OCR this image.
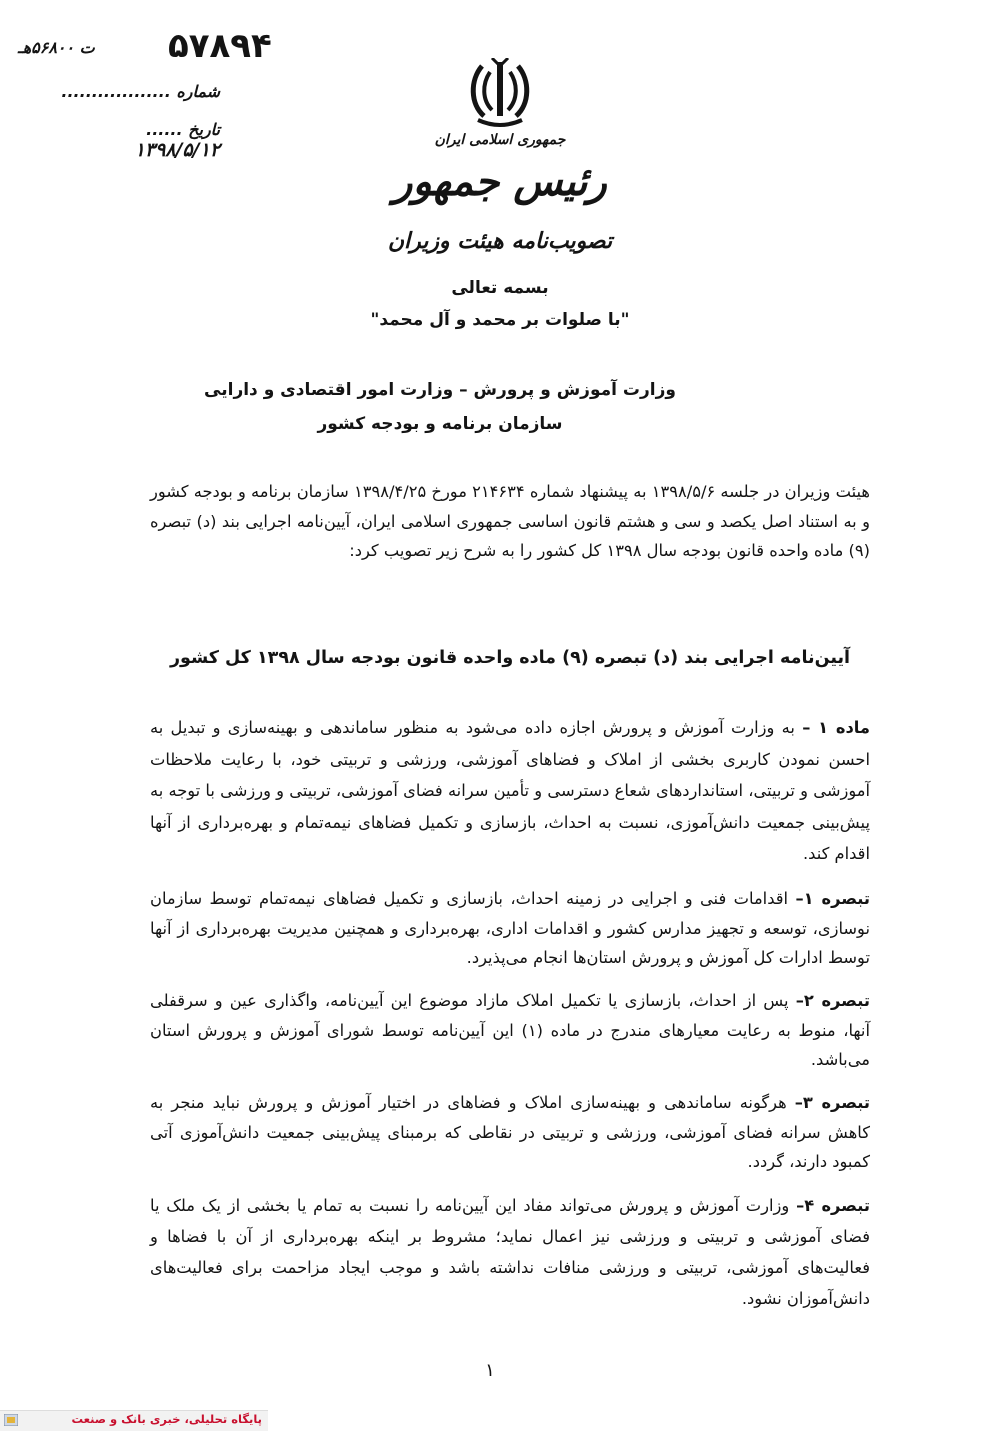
۵۷۸۹۴
ت ۵۶۸۰۰هـ
شماره ..................
تاریخ ...... ۱۳۹۸/۵/۱۲	جمهوری اسلامی ایران
رئیس جمهور
تصویب‌نامه هیئت وزیران
بسمه تعالی
"با صلوات بر محمد و آل محمد"
وزارت آموزش و پرورش – وزارت امور اقتصادی و دارایی
سازمان برنامه و بودجه کشور
هیئت وزیران در جلسه ۱۳۹۸/۵/۶ به پیشنهاد شماره ۲۱۴۶۳۴ مورخ ۱۳۹۸/۴/۲۵ سازمان برنامه و بودجه کشور و به استناد اصل یکصد و سی و هشتم قانون اساسی جمهوری اسلامی ایران، آیین‌نامه اجرایی بند (د) تبصره (۹) ماده واحده قانون بودجه سال ۱۳۹۸ کل کشور را به شرح زیر تصویب کرد:
آیین‌نامه اجرایی بند (د) تبصره (۹) ماده واحده قانون بودجه سال ۱۳۹۸ کل کشور
ماده ۱ – به وزارت آموزش و پرورش اجازه داده می‌شود به منظور ساماندهی و بهینه‌سازی و تبدیل به احسن نمودن کاربری بخشی از املاک و فضاهای آموزشی، ورزشی و تربیتی خود، با رعایت ملاحظات آموزشی و تربیتی، استانداردهای شعاع دسترسی و تأمین سرانه فضای آموزشی، تربیتی و ورزشی با توجه به پیش‌بینی جمعیت دانش‌آموزی، نسبت به احداث، بازسازی و تکمیل فضاهای نیمه‌تمام و بهره‌برداری از آنها اقدام کند.
تبصره ۱– اقدامات فنی و اجرایی در زمینه احداث، بازسازی و تکمیل فضاهای نیمه‌تمام توسط سازمان نوسازی، توسعه و تجهیز مدارس کشور و اقدامات اداری، بهره‌برداری و همچنین مدیریت بهره‌برداری از آنها توسط ادارات کل آموزش و پرورش استان‌ها انجام می‌پذیرد.
تبصره ۲– پس از احداث، بازسازی یا تکمیل املاک مازاد موضوع این آیین‌نامه، واگذاری عین و سرقفلی آنها، منوط به رعایت معیارهای مندرج در ماده (۱) این آیین‌نامه توسط شورای آموزش و پرورش استان می‌باشد.
تبصره ۳– هرگونه ساماندهی و بهینه‌سازی املاک و فضاهای در اختیار آموزش و پرورش نباید منجر به کاهش سرانه فضای آموزشی، ورزشی و تربیتی در نقاطی که برمبنای پیش‌بینی جمعیت دانش‌آموزی آتی کمبود دارند، گردد.
تبصره ۴– وزارت آموزش و پرورش می‌تواند مفاد این آیین‌نامه را نسبت به تمام یا بخشی از یک ملک یا فضای آموزشی و تربیتی و ورزشی نیز اعمال نماید؛ مشروط بر اینکه بهره‌برداری از آن با فضاها و فعالیت‌های آموزشی، تربیتی و ورزشی منافات نداشته باشد و موجب ایجاد مزاحمت برای فعالیت‌های دانش‌آموزان نشود.
۱
پایگاه تحلیلی، خبری بانک و صنعت
